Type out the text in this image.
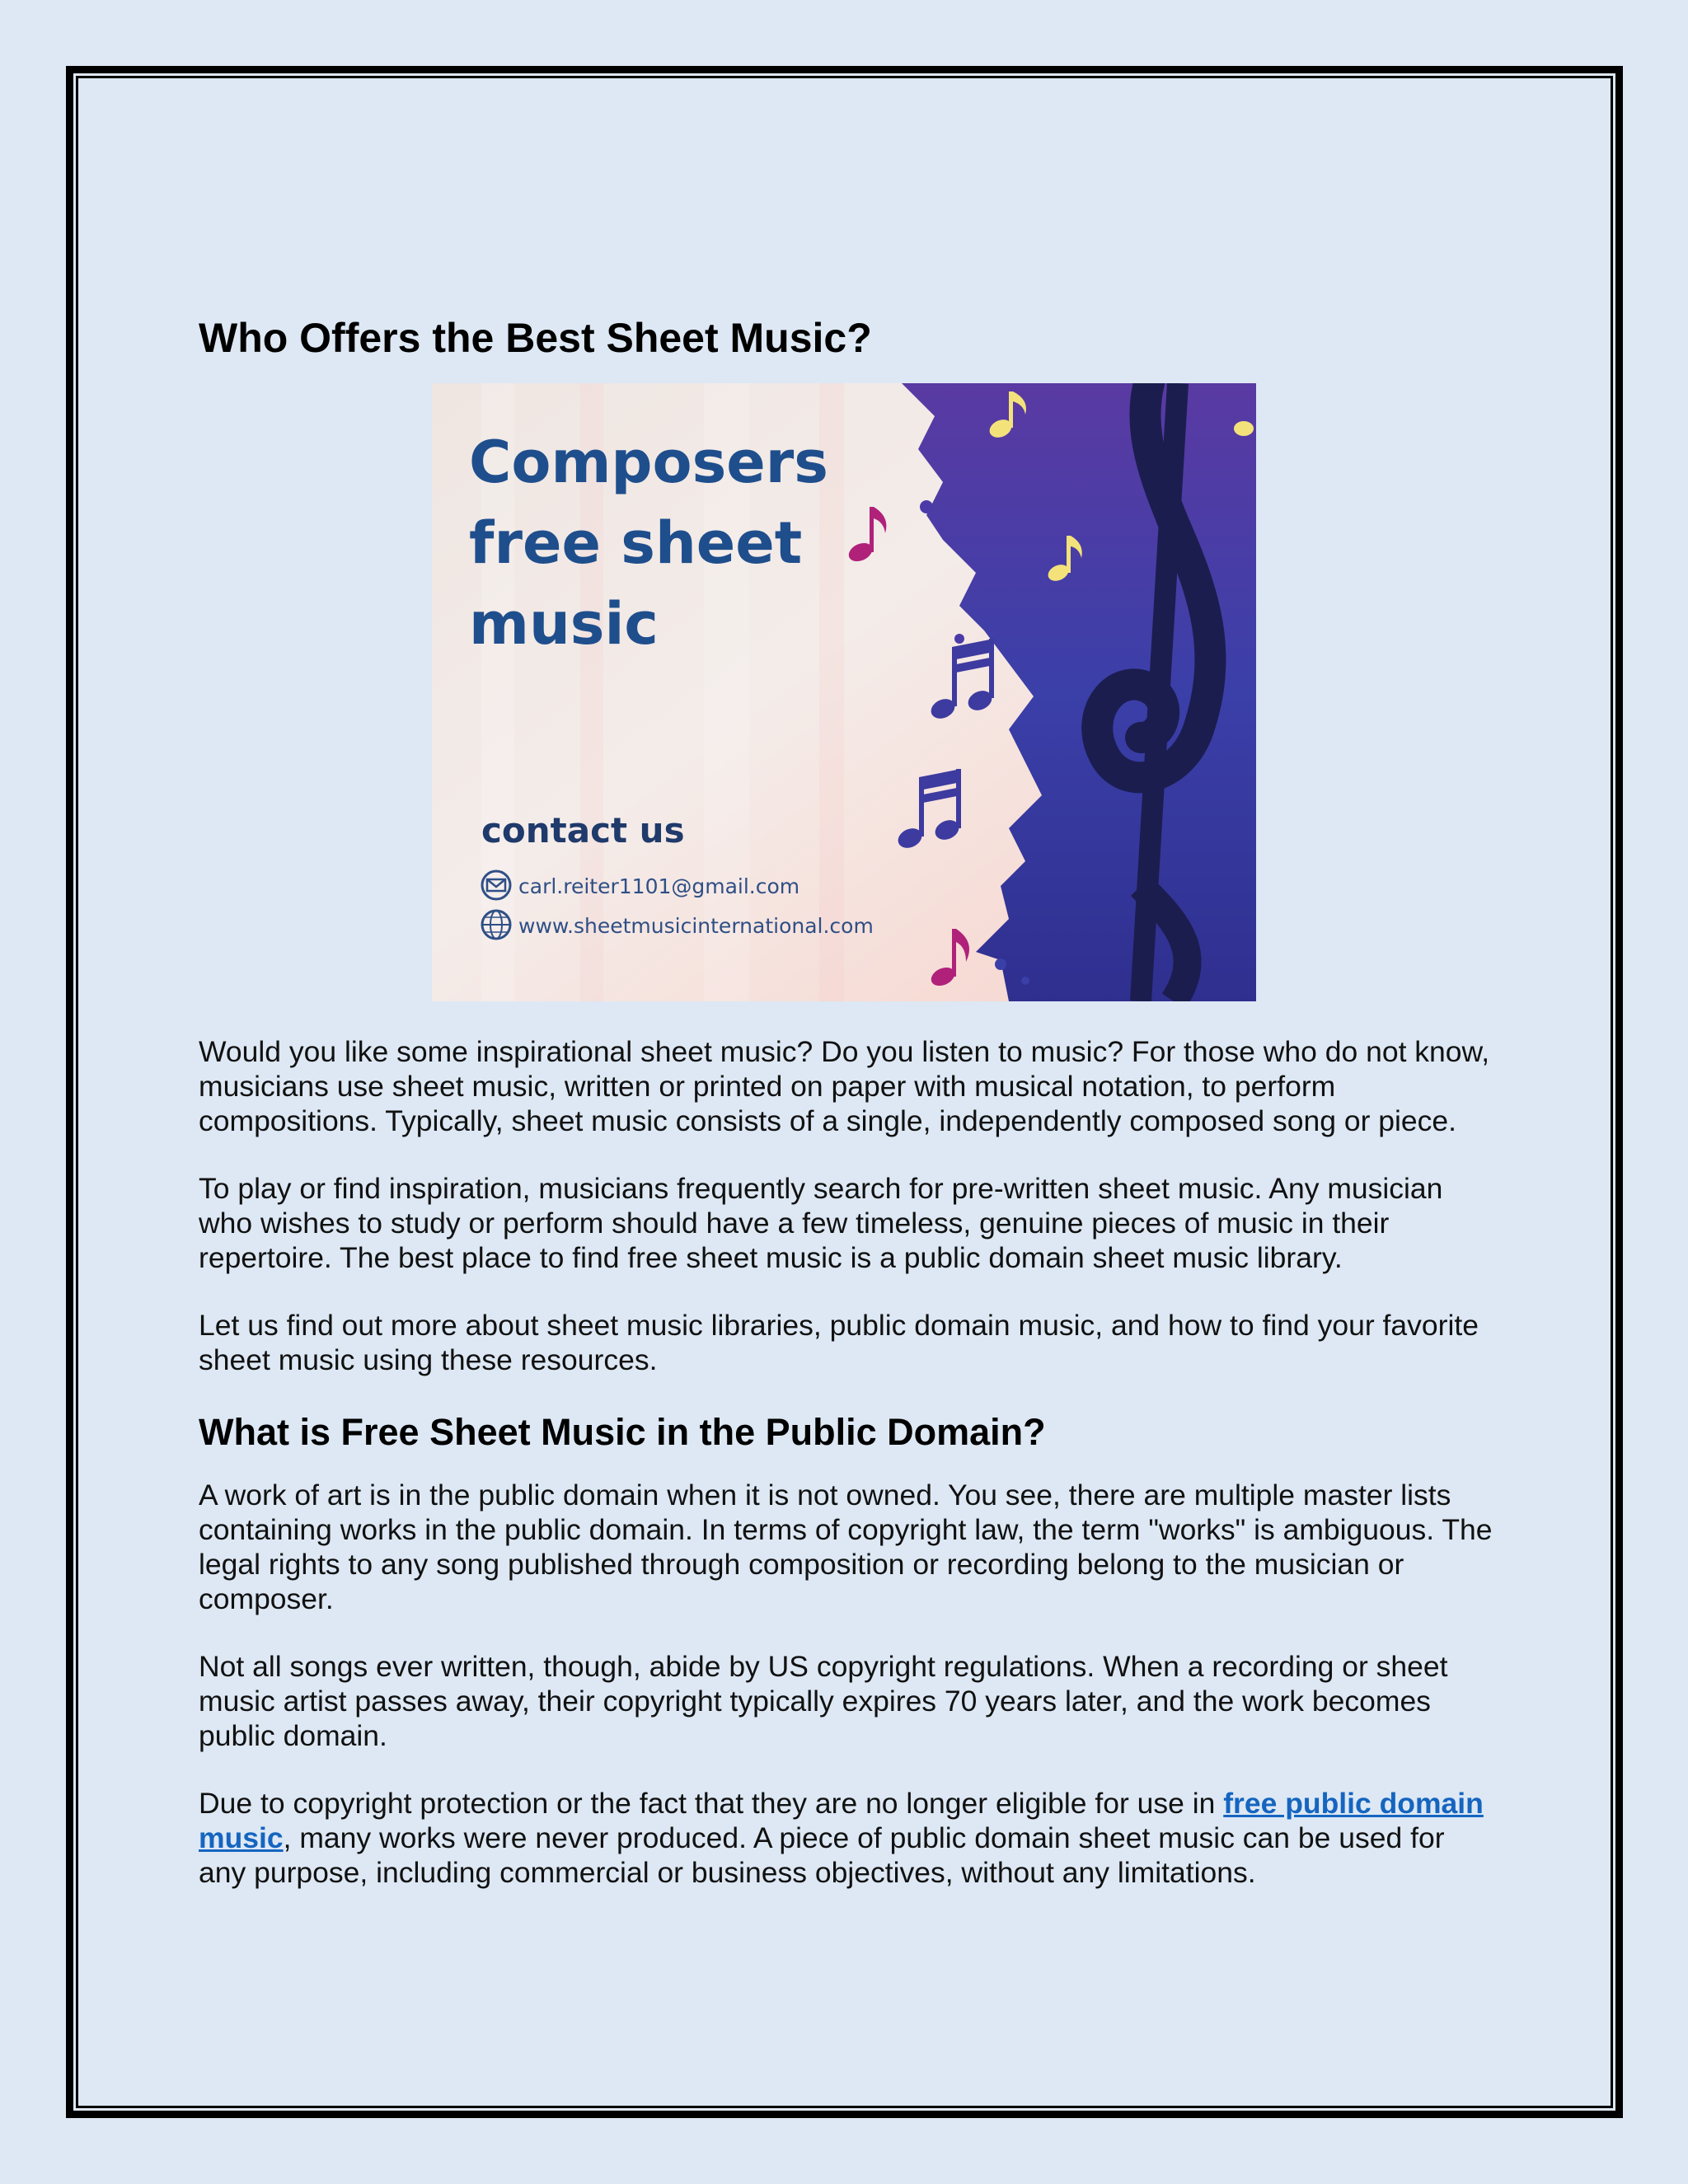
Who Offers the Best Sheet Music?
Composers
free sheet
music
contact us
carl.reiter1101@gmail.com
www.sheetmusicinternational.com

Would you like some inspirational sheet music? Do you listen to music? For those who do not know, musicians use sheet music, written or printed on paper with musical notation, to perform compositions. Typically, sheet music consists of a single, independently composed song or piece.

To play or find inspiration, musicians frequently search for pre-written sheet music. Any musician who wishes to study or perform should have a few timeless, genuine pieces of music in their repertoire. The best place to find free sheet music is a public domain sheet music library.

Let us find out more about sheet music libraries, public domain music, and how to find your favorite sheet music using these resources.

What is Free Sheet Music in the Public Domain?

A work of art is in the public domain when it is not owned. You see, there are multiple master lists containing works in the public domain. In terms of copyright law, the term "works" is ambiguous. The legal rights to any song published through composition or recording belong to the musician or composer.

Not all songs ever written, though, abide by US copyright regulations. When a recording or sheet music artist passes away, their copyright typically expires 70 years later, and the work becomes public domain.

Due to copyright protection or the fact that they are no longer eligible for use in free public domain music, many works were never produced. A piece of public domain sheet music can be used for any purpose, including commercial or business objectives, without any limitations.
